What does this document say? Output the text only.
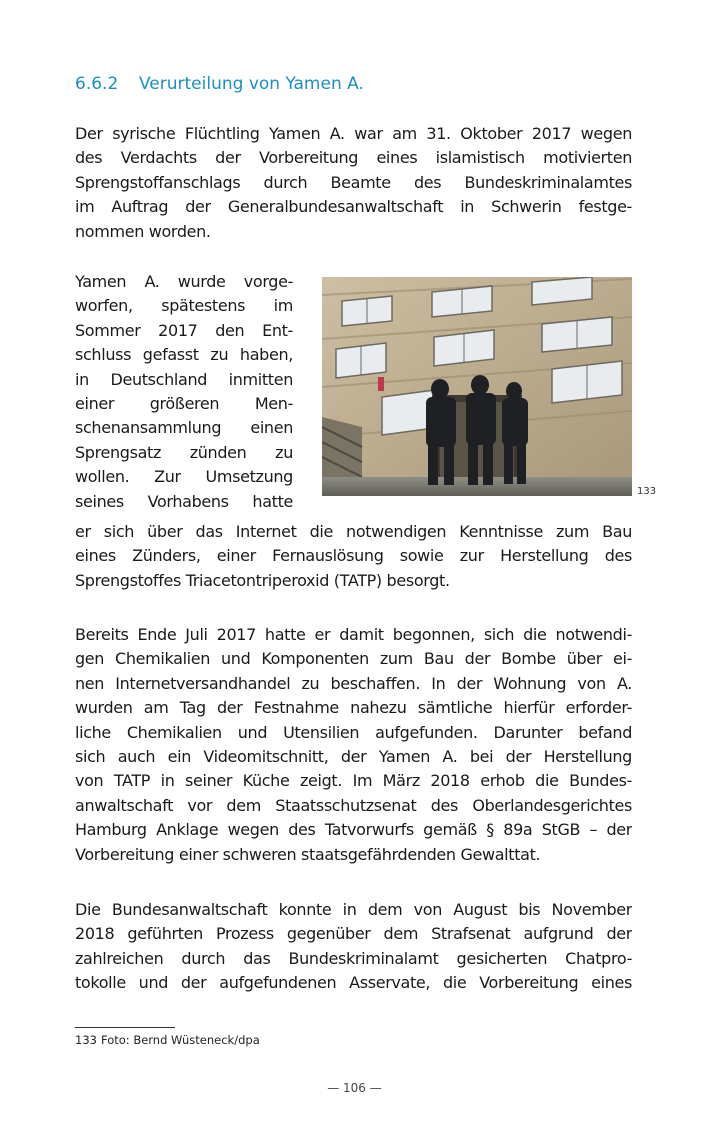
6.6.2 Verurteilung von Yamen A.
Der syrische Flüchtling Yamen A. war am 31. Oktober 2017 wegen
des Verdachts der Vorbereitung eines islamistisch motivierten
Sprengstoffanschlags durch Beamte des Bundeskriminalamtes
im Auftrag der Generalbundesanwaltschaft in Schwerin festge-
nommen worden.
Yamen A. wurde vorge-
worfen, spätestens im
Sommer 2017 den Ent-
schluss gefasst zu haben,
in Deutschland inmitten
einer größeren Men-
schenansammlung einen
Sprengsatz zünden zu
wollen. Zur Umsetzung
seines Vorhabens hatte
133
er sich über das Internet die notwendigen Kenntnisse zum Bau
eines Zünders, einer Fernauslösung sowie zur Herstellung des
Sprengstoffes Triacetontriperoxid (TATP) besorgt.
Bereits Ende Juli 2017 hatte er damit begonnen, sich die notwendi-
gen Chemikalien und Komponenten zum Bau der Bombe über ei-
nen Internetversandhandel zu beschaffen. In der Wohnung von A.
wurden am Tag der Festnahme nahezu sämtliche hierfür erforder-
liche Chemikalien und Utensilien aufgefunden. Darunter befand
sich auch ein Videomitschnitt, der Yamen A. bei der Herstellung
von TATP in seiner Küche zeigt. Im März 2018 erhob die Bundes-
anwaltschaft vor dem Staatsschutzsenat des Oberlandesgerichtes
Hamburg Anklage wegen des Tatvorwurfs gemäß § 89a StGB – der
Vorbereitung einer schweren staatsgefährdenden Gewalttat.
Die Bundesanwaltschaft konnte in dem von August bis November
2018 geführten Prozess gegenüber dem Strafsenat aufgrund der
zahlreichen durch das Bundeskriminalamt gesicherten Chatpro-
tokolle und der aufgefundenen Asservate, die Vorbereitung eines
133 Foto: Bernd Wüsteneck/dpa
— 106 —
